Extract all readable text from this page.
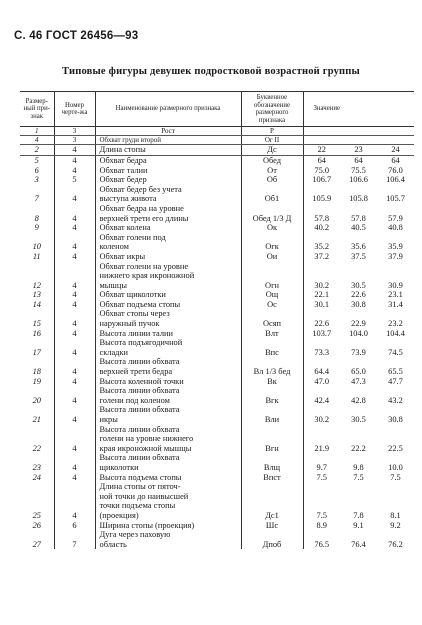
С. 46 ГОСТ 26456—93
Типовые фигуры девушек подростковой возрастной группы
Размер-ный при-знак	Номер черте-жа	Наименование размерного признака	Буквенное обозначение размерного признака	Значение		
1	3	Рост	Р			
4	3	Обхват груди второй	Ог II			
2	4	Длина стопы	Дс	22	23	24
5	4	Обхват бедра	Обед	64	64	64
6	4	Обхват талии	От	75.0	75.5	76.0
3	5	Обхват бедер	Об	106.7	106.6	106.4
7	4	Обхват бедер без учета
выступа живота	Об1	105.9	105.8	105.7
8	4	Обхват бедра на уровне
верхней трети его длины	Обед 1/3 Д	57.8	57.8	57.9
9	4	Обхват колена	Ок	40.2	40.5	40.8
10	4	Обхват голени под
коленом	Огк	35.2	35.6	35.9
11	4	Обхват икры	Ои	37.2	37.5	37.9
12	4	Обхват голени на уровне
нижнего края икроножной
мышцы	Огн	30.2	30.5	30.9
13	4	Обхват щиколотки	Ощ	22.1	22.6	23.1
14	4	Обхват подъема стопы	Ос	30.1	30.8	31.4
15	4	Обхват стопы через
наружный пучок	Осяп	22.6	22.9	23.2
16	4	Высота линии талии	Влт	103.7	104.0	104.4
17	4	Высота подъягодичной
складки	Впс	73.3	73.9	74.5
18	4	Высота линии обхвата
верхней трети бедра	Вл 1/3 бед	64.4	65.0	65.5
19	4	Высота коленной точки	Вк	47.0	47.3	47.7
20	4	Высота линии обхвата
голени под коленом	Вгк	42.4	42.8	43.2
21	4	Высота линии обхвата
икры	Вли	30.2	30.5	30.8
22	4	Высота линии обхвата
голени на уровне нижнего
края икроножной мышцы	Вгн	21.9	22.2	22.5
23	4	Высота линии обхвата
щиколотки	Влщ	9.7	9.8	10.0
24	4	Высота подъема стопы	Впст	7.5	7.5	7.5
25	4	Длина стопы от пяточ-
ной точки до наивысшей
точки подъема стопы
(проекция)	Дс1	7.5	7.8	8.1
26	6	Ширина стопы (проекция)	Шс	8.9	9.1	9.2
27	7	Дуга через паховую
область	Дпоб	76.5	76.4	76.2
